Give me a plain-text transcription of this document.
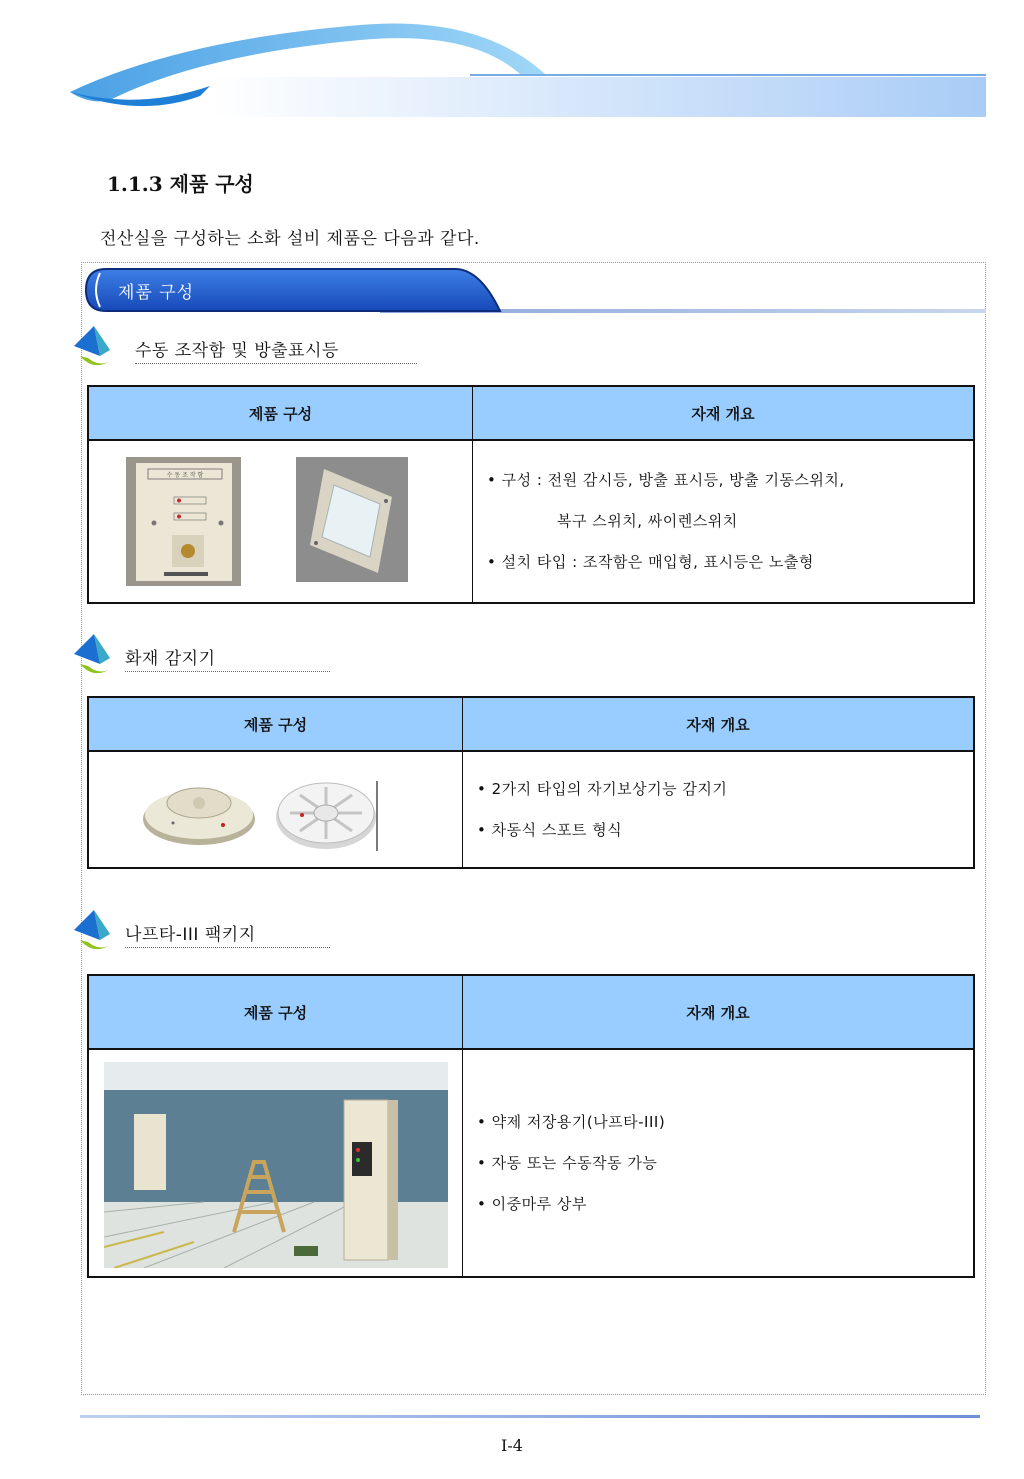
1.1.3 제품 구성
전산실을 구성하는 소화 설비 제품은 다음과 같다.
제품 구성
수동 조작함 및 방출표시등
제품 구성	자재 개요

수 동 조 작 함	• 구성 : 전원 감시등, 방출 표시등, 방출 기동스위치,
복구 스위치, 싸이렌스위치
• 설치 타입 : 조작함은 매입형, 표시등은 노출형
화재 감지기
제품 구성	자재 개요

• 2가지 타입의 자기보상기능 감지기
• 차동식 스포트 형식
나프타-III 팩키지
제품 구성	자재 개요

• 약제 저장용기(나프타-III)
• 자동 또는 수동작동 가능
• 이중마루 상부
I-4
